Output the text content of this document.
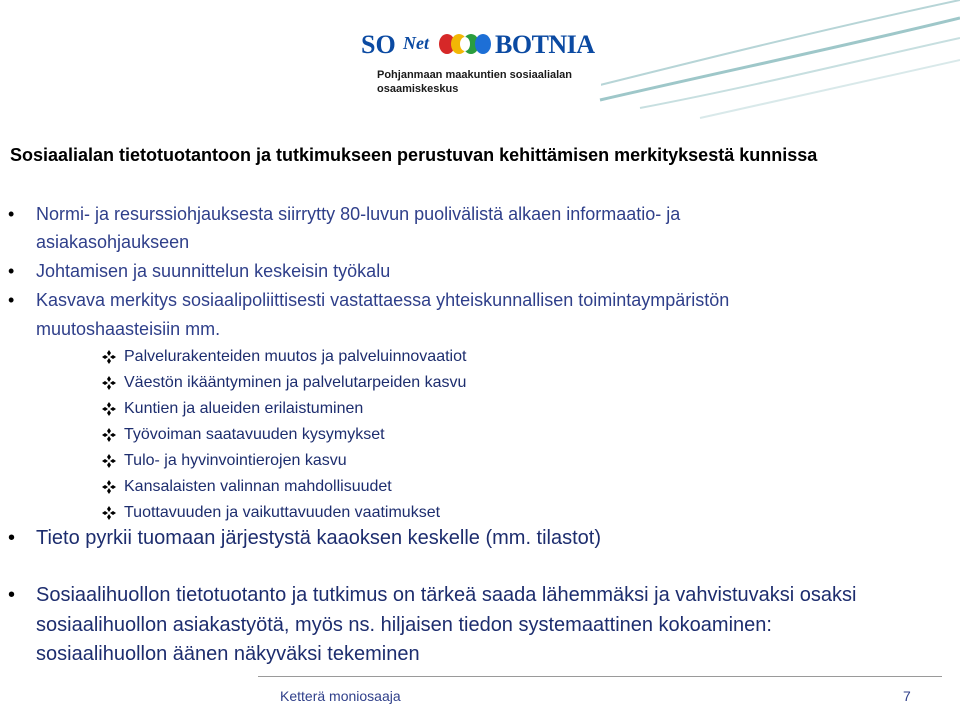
SO Net	BOTNIA
Pohjanmaan maakuntien sosiaalialan
osaamiskeskus
Sosiaalialan tietotuotantoon ja tutkimukseen perustuvan kehittämisen merkityksestä kunnissa
• Normi- ja resurssiohjauksesta siirrytty 80-luvun puolivälistä alkaen informaatio- ja
asiakasohjaukseen
• Johtamisen ja suunnittelun keskeisin työkalu
• Kasvava merkitys sosiaalipoliittisesti vastattaessa yhteiskunnallisen toimintaympäristön
muutoshaasteisiin mm.
Palvelurakenteiden muutos ja palveluinnovaatiot
Väestön ikääntyminen ja palvelutarpeiden kasvu
Kuntien ja alueiden erilaistuminen
Työvoiman saatavuuden kysymykset
Tulo- ja hyvinvointierojen kasvu
Kansalaisten valinnan mahdollisuudet
Tuottavuuden ja vaikuttavuuden vaatimukset
• Tieto pyrkii tuomaan järjestystä kaaoksen keskelle (mm. tilastot)
• Sosiaalihuollon tietotuotanto ja tutkimus on tärkeä saada lähemmäksi ja vahvistuvaksi osaksi
sosiaalihuollon asiakastyötä, myös ns. hiljaisen tiedon systemaattinen kokoaminen:
sosiaalihuollon äänen näkyväksi tekeminen
Ketterä moniosaaja	7
